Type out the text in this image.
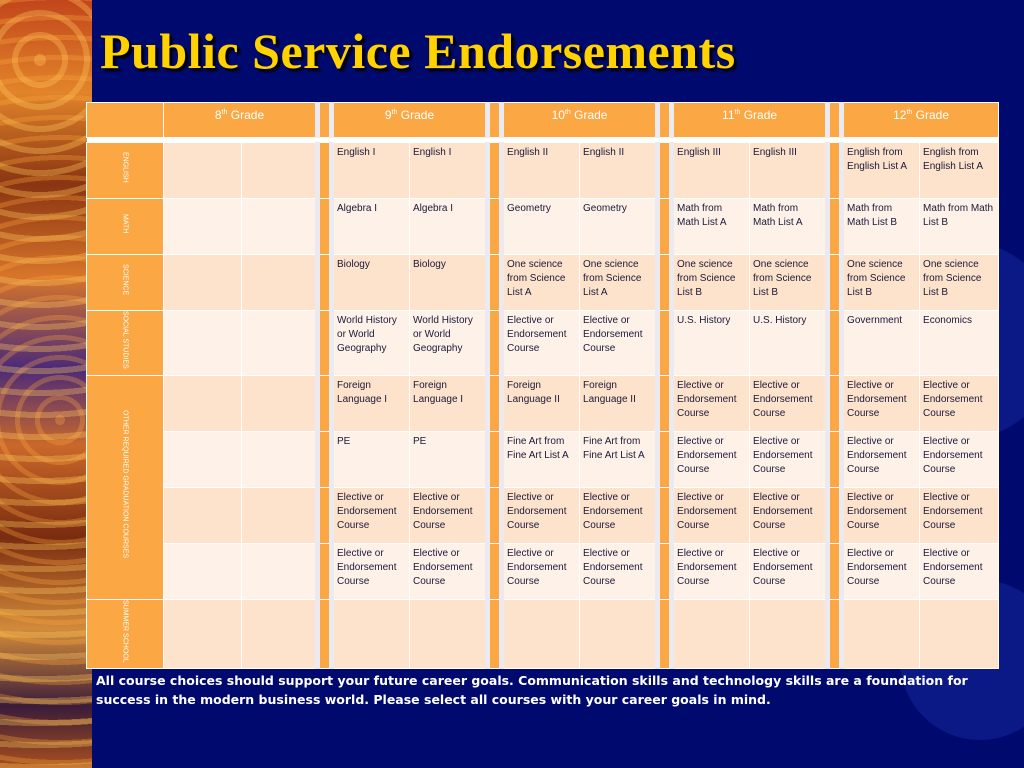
Public Service Endorsements
	8th Grade			9th Grade			10th Grade			11th Grade			12th Grade	

ENGLISH				English I	English I		English II	English II		English III	English III		English from English List A	English from English List A
MATH				Algebra I	Algebra I		Geometry	Geometry		Math from Math List A	Math from Math List A		Math from Math List B	Math from Math List B
SCIENCE				Biology	Biology		One science from Science List A	One science from Science List A		One science from Science List B	One science from Science List B		One science from Science List B	One science from Science List B
SOCIAL STUDIES				World History or World Geography	World History or World Geography		Elective or Endorsement Course	Elective or Endorsement Course		U.S. History	U.S. History		Government	Economics
OTHER REQUIRED GRADUATION COURSES				Foreign Language I	Foreign Language I		Foreign Language II	Foreign Language II		Elective or Endorsement Course	Elective or Endorsement Course		Elective or Endorsement Course	Elective or Endorsement Course
				PE	PE		Fine Art from Fine Art List A	Fine Art from Fine Art List A		Elective or Endorsement Course	Elective or Endorsement Course		Elective or Endorsement Course	Elective or Endorsement Course
				Elective or Endorsement Course	Elective or Endorsement Course		Elective or Endorsement Course	Elective or Endorsement Course		Elective or Endorsement Course	Elective or Endorsement Course		Elective or Endorsement Course	Elective or Endorsement Course
				Elective or Endorsement Course	Elective or Endorsement Course		Elective or Endorsement Course	Elective or Endorsement Course		Elective or Endorsement Course	Elective or Endorsement Course		Elective or Endorsement Course	Elective or Endorsement Course
SUMMER SCHOOL														

All course choices should support your future career goals. Communication skills and technology skills are a foundation for success in the modern business world. Please select all courses with your career goals in mind.
